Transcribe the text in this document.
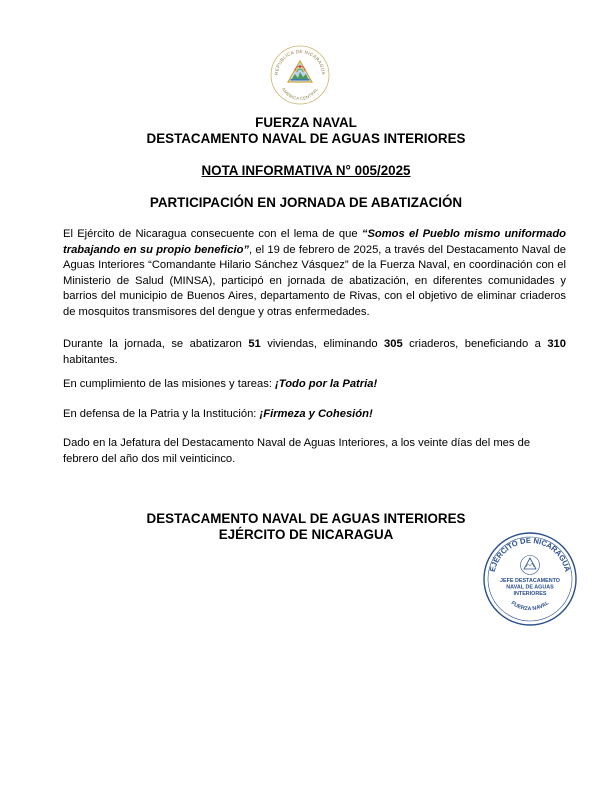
REPUBLICA DE NICARAGUA
AMERICA CENTRAL
FUERZA NAVAL
DESTACAMENTO NAVAL DE AGUAS INTERIORES
NOTA INFORMATIVA N° 005/2025
PARTICIPACIÓN EN JORNADA DE ABATIZACIÓN
El Ejército de Nicaragua consecuente con el lema de que “Somos el Pueblo mismo uniformado trabajando en su propio beneficio”, el 19 de febrero de 2025, a través del Destacamento Naval de Aguas Interiores “Comandante Hilario Sánchez Vásquez” de la Fuerza Naval, en coordinación con el Ministerio de Salud (MINSA), participó en jornada de abatización, en diferentes comunidades y barrios del municipio de Buenos Aires, departamento de Rivas, con el objetivo de eliminar criaderos de mosquitos transmisores del dengue y otras enfermedades.
Durante la jornada, se abatizaron 51 viviendas, eliminando 305 criaderos, beneficiando a 310 habitantes.
En cumplimiento de las misiones y tareas: ¡Todo por la Patria!
En defensa de la Patria y la Institución: ¡Firmeza y Cohesión!
Dado en la Jefatura del Destacamento Naval de Aguas Interiores, a los veinte días del mes de febrero del año dos mil veinticinco.
DESTACAMENTO NAVAL DE AGUAS INTERIORES
EJÉRCITO DE NICARAGUA
EJÉRCITO DE NICARAGUA
FUERZA NAVAL
JEFE DESTACAMENTO
NAVAL DE AGUAS
INTERIORES
